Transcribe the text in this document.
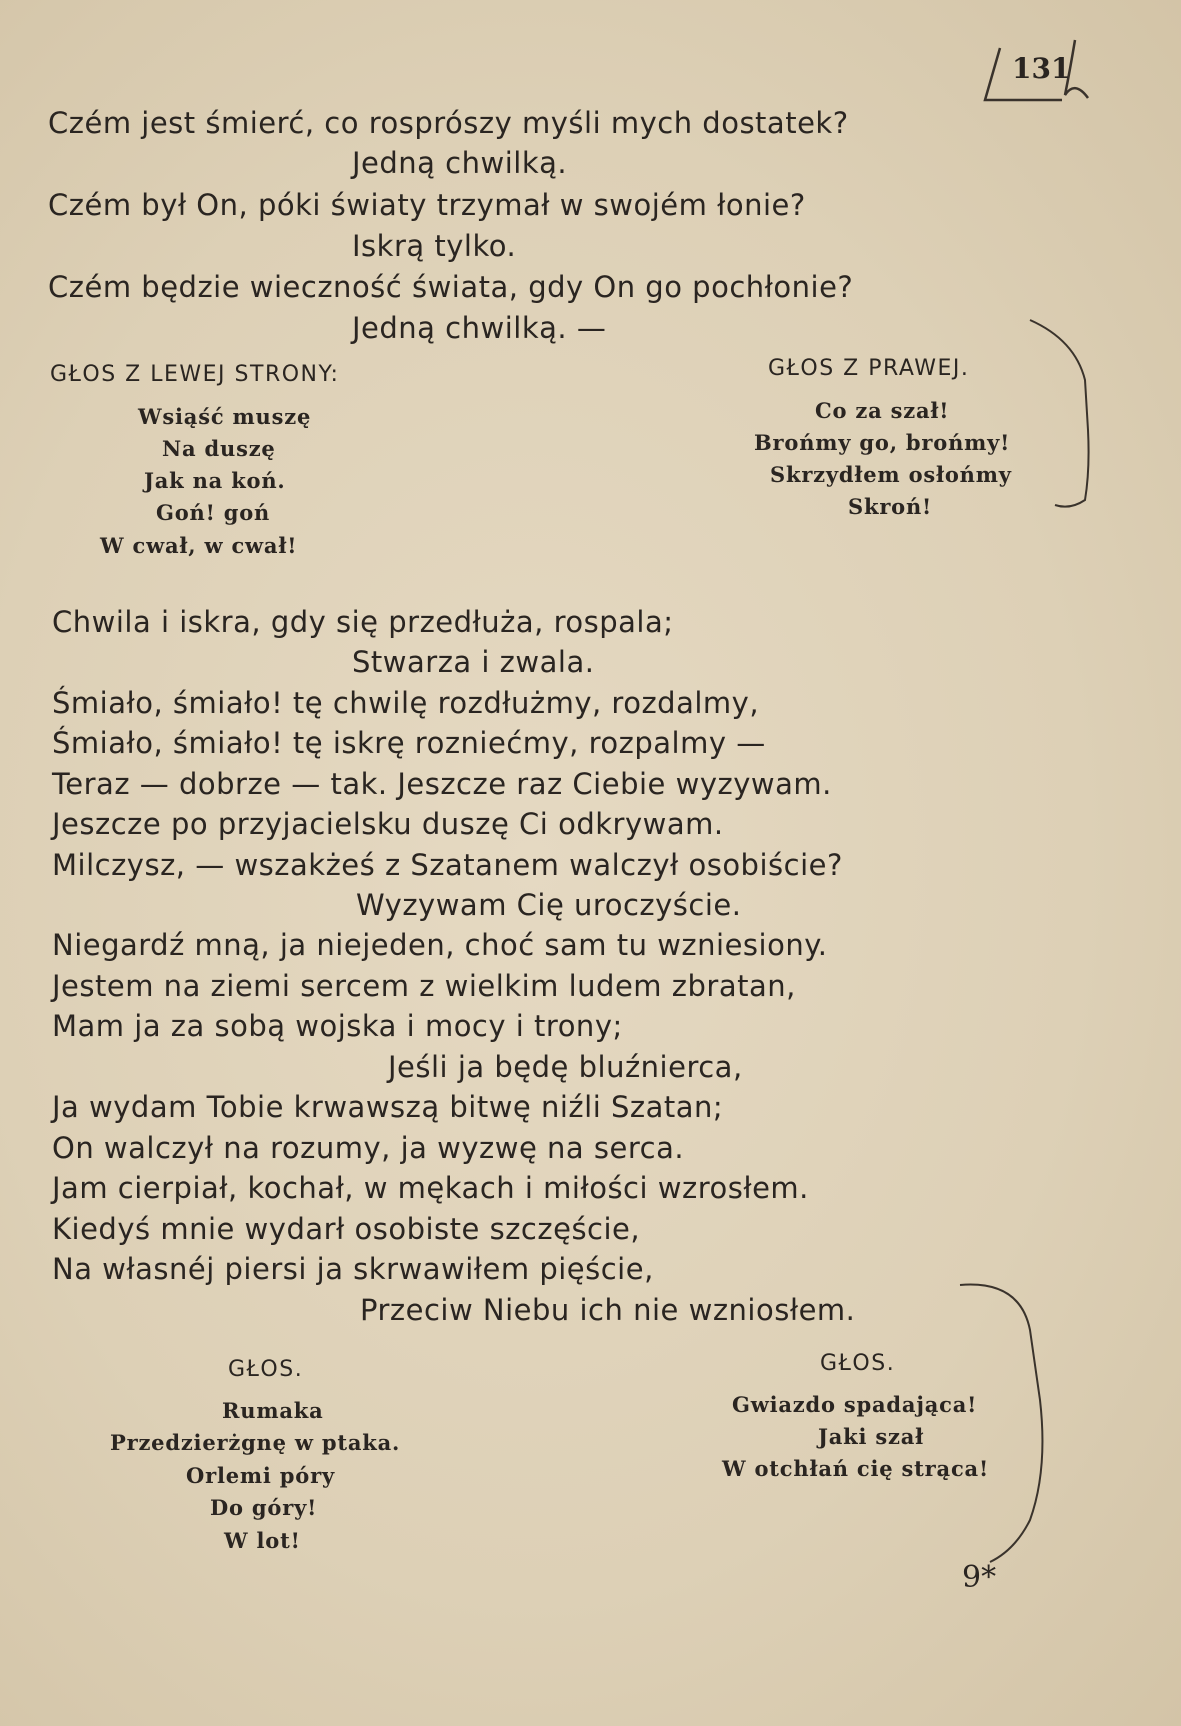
131
Czém jest śmierć, co rosprószy myśli mych dostatek?
Jedną chwilką.
Czém był On, póki światy trzymał w swojém łonie?
Iskrą tylko.
Czém będzie wieczność świata, gdy On go pochłonie?
Jedną chwilką. —
GŁOS Z LEWEJ STRONY:	GŁOS Z PRAWEJ.
Wsiąść muszę
Na duszę
Jak na koń.
Goń! goń
W cwał, w cwał!
Co za szał!
Brońmy go, brońmy!
Skrzydłem osłońmy
Skroń!
Chwila i iskra, gdy się przedłuża, rospala;
Stwarza i zwala.
Śmiało, śmiało! tę chwilę rozdłużmy, rozdalmy,
Śmiało, śmiało! tę iskrę rozniećmy, rozpalmy —
Teraz — dobrze — tak. Jeszcze raz Ciebie wyzywam.
Jeszcze po przyjacielsku duszę Ci odkrywam.
Milczysz, — wszakżeś z Szatanem walczył osobiście?
Wyzywam Cię uroczyście.
Niegardź mną, ja niejeden, choć sam tu wzniesiony.
Jestem na ziemi sercem z wielkim ludem zbratan,
Mam ja za sobą wojska i mocy i trony;
Jeśli ja będę bluźnierca,
Ja wydam Tobie krwawszą bitwę niźli Szatan;
On walczył na rozumy, ja wyzwę na serca.
Jam cierpiał, kochał, w mękach i miłości wzrosłem.
Kiedyś mnie wydarł osobiste szczęście,
Na własnéj piersi ja skrwawiłem pięście,
Przeciw Niebu ich nie wzniosłem.
GŁOS.	GŁOS.
Rumaka
Przedzierżgnę w ptaka.
Orlemi póry
Do góry!
W lot!
Gwiazdo spadająca!
Jaki szał
W otchłań cię strąca!
9*
